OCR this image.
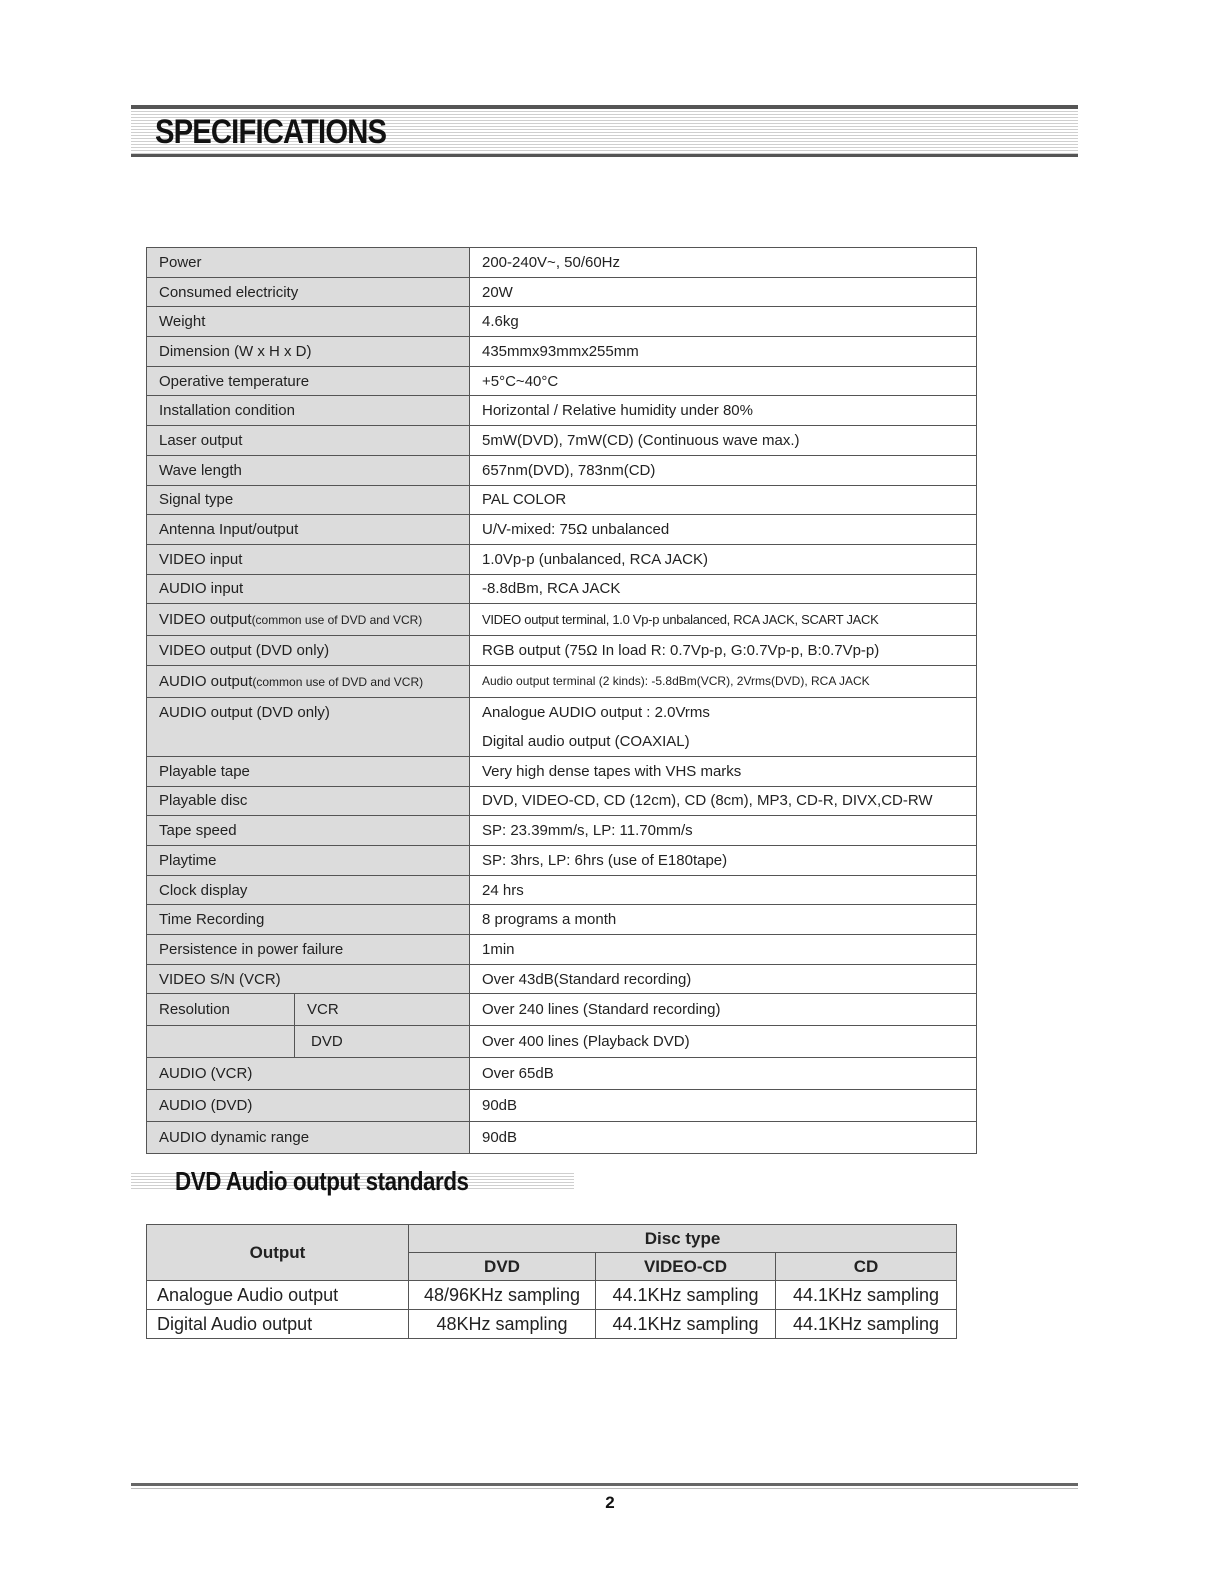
SPECIFICATIONS
Power		200-240V~, 50/60Hz
Consumed electricity		20W
Weight		4.6kg
Dimension (W x H x D)		435mmx93mmx255mm
Operative temperature		+5°C~40°C
Installation condition		Horizontal / Relative humidity under 80%
Laser output		5mW(DVD), 7mW(CD) (Continuous wave max.)
Wave length		657nm(DVD), 783nm(CD)
Signal type		PAL COLOR
Antenna Input/output		U/V-mixed: 75Ω unbalanced
VIDEO input		1.0Vp-p (unbalanced, RCA JACK)
AUDIO input		-8.8dBm, RCA JACK
VIDEO output(common use of DVD and VCR)		VIDEO output terminal, 1.0 Vp-p unbalanced, RCA JACK, SCART JACK
VIDEO output (DVD only)		RGB output (75Ω In load R: 0.7Vp-p, G:0.7Vp-p, B:0.7Vp-p)
AUDIO output(common use of DVD and VCR)		Audio output terminal (2 kinds): -5.8dBm(VCR), 2Vrms(DVD), RCA JACK
AUDIO output (DVD only)		Analogue AUDIO output : 2.0Vrms
Digital audio output (COAXIAL)

Playable tape		Very high dense tapes with VHS marks
Playable disc		DVD, VIDEO-CD, CD (12cm), CD (8cm), MP3, CD-R, DIVX,CD-RW
Tape speed		SP: 23.39mm/s, LP: 11.70mm/s
Playtime		SP: 3hrs, LP: 6hrs (use of E180tape)
Clock display		24 hrs
Time Recording		8 programs a month
Persistence in power failure		1min
VIDEO S/N (VCR)		Over 43dB(Standard recording)
Resolution	VCR	Over 240 lines (Standard recording)
	DVD	Over 400 lines (Playback DVD)
AUDIO (VCR)		Over 65dB
AUDIO (DVD)		90dB
AUDIO dynamic range		90dB
DVD Audio output standards
Output	Disc type		
	DVD	VIDEO-CD	CD
Analogue Audio output	48/96KHz sampling	44.1KHz sampling	44.1KHz sampling
Digital Audio output	48KHz sampling	44.1KHz sampling	44.1KHz sampling
2
